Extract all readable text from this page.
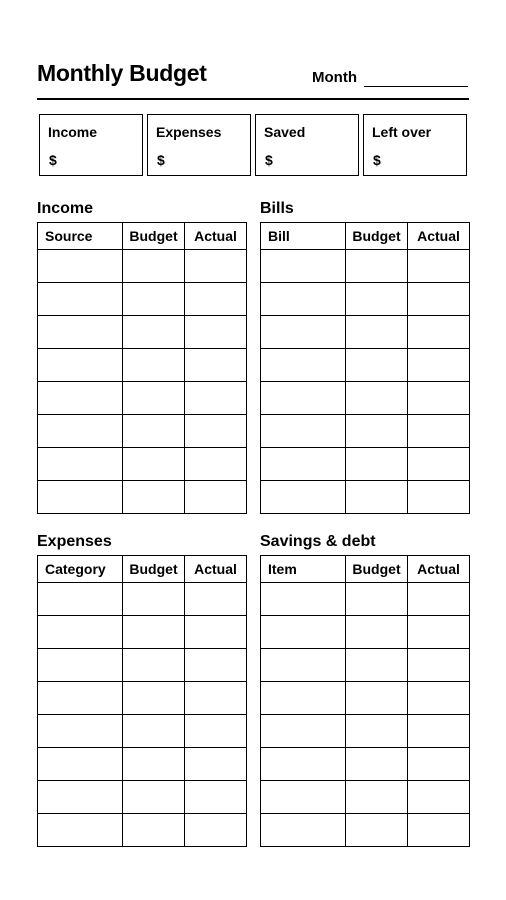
Monthly Budget	Month
Income
$
Expenses
$
Saved
$
Left over
$
Income
Source	Budget	Actual

Bills
Bill	Budget	Actual

Expenses
Category	Budget	Actual

Savings & debt
Item	Budget	Actual
